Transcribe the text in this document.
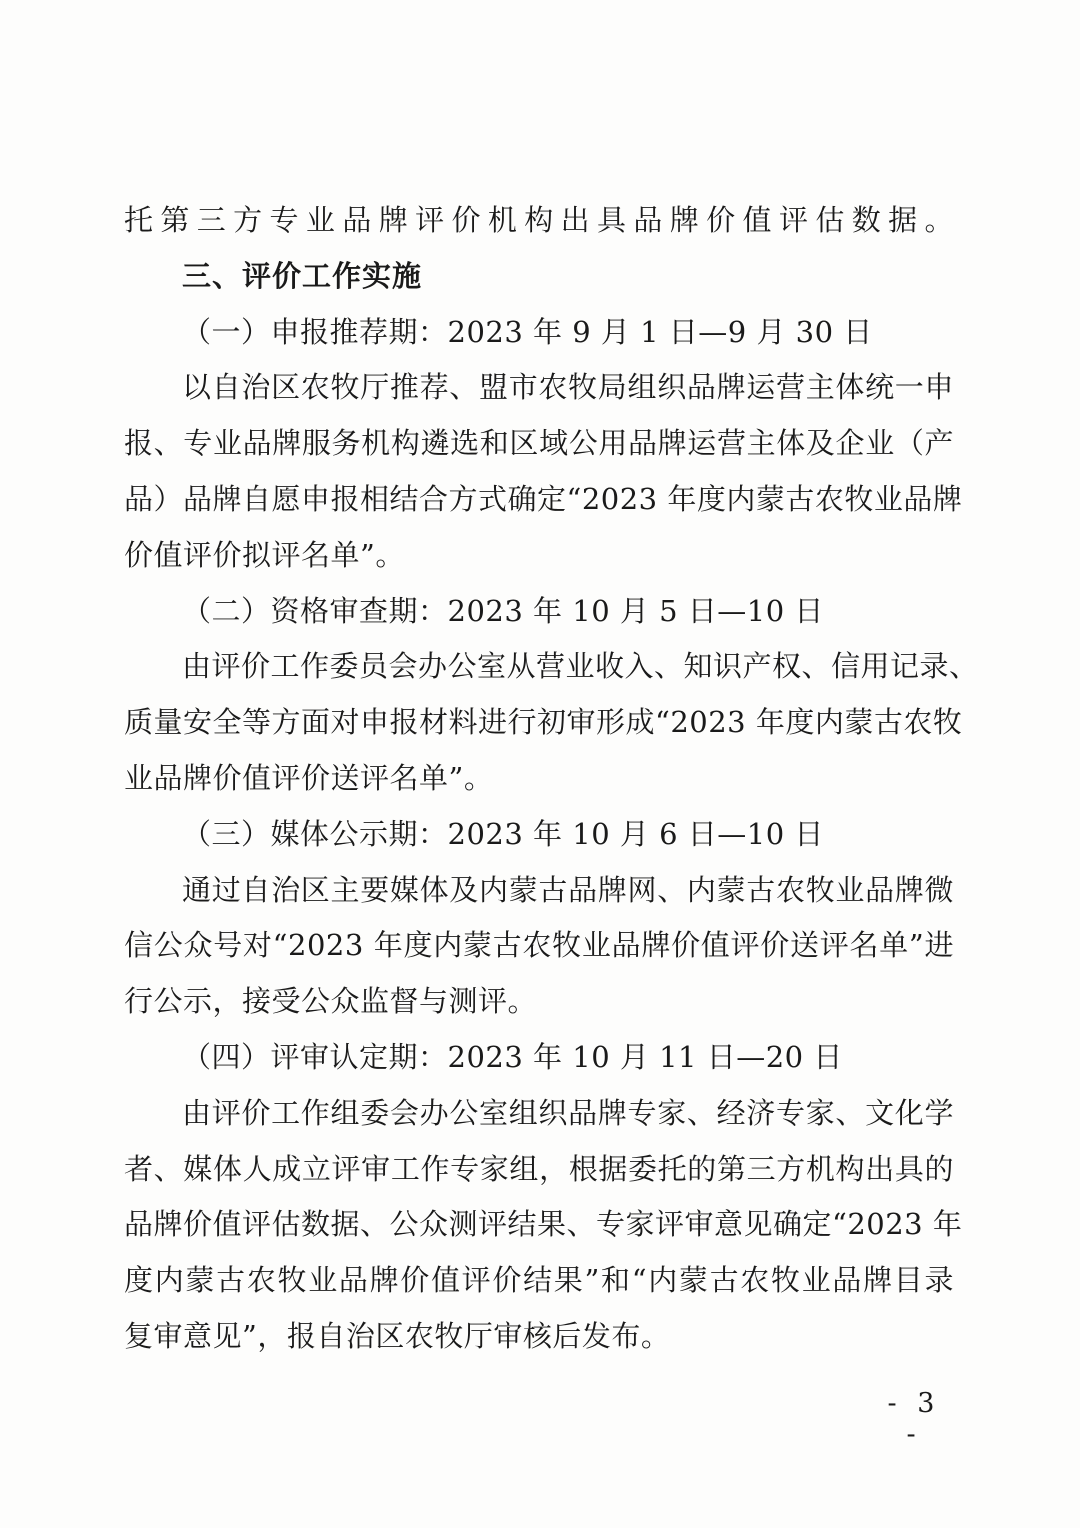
托第三方专业品牌评价机构出具品牌价值评估数据。
三、评价工作实施
（一）申报推荐期：2023 年 9 月 1 日—9 月 30 日
以自治区农牧厅推荐、盟市农牧局组织品牌运营主体统一申
报、专业品牌服务机构遴选和区域公用品牌运营主体及企业（产
品）品牌自愿申报相结合方式确定“2023 年度内蒙古农牧业品牌
价值评价拟评名单”。
（二）资格审查期：2023 年 10 月 5 日—10 日
由评价工作委员会办公室从营业收入、知识产权、信用记录、
质量安全等方面对申报材料进行初审形成“2023 年度内蒙古农牧
业品牌价值评价送评名单”。
（三）媒体公示期：2023 年 10 月 6 日—10 日
通过自治区主要媒体及内蒙古品牌网、内蒙古农牧业品牌微
信公众号对“2023 年度内蒙古农牧业品牌价值评价送评名单”进
行公示，接受公众监督与测评。
（四）评审认定期：2023 年 10 月 11 日—20 日
由评价工作组委会办公室组织品牌专家、经济专家、文化学
者、媒体人成立评审工作专家组，根据委托的第三方机构出具的
品牌价值评估数据、公众测评结果、专家评审意见确定“2023 年
度内蒙古农牧业品牌价值评价结果”和“内蒙古农牧业品牌目录
复审意见”，报自治区农牧厅审核后发布。
- 3 -
